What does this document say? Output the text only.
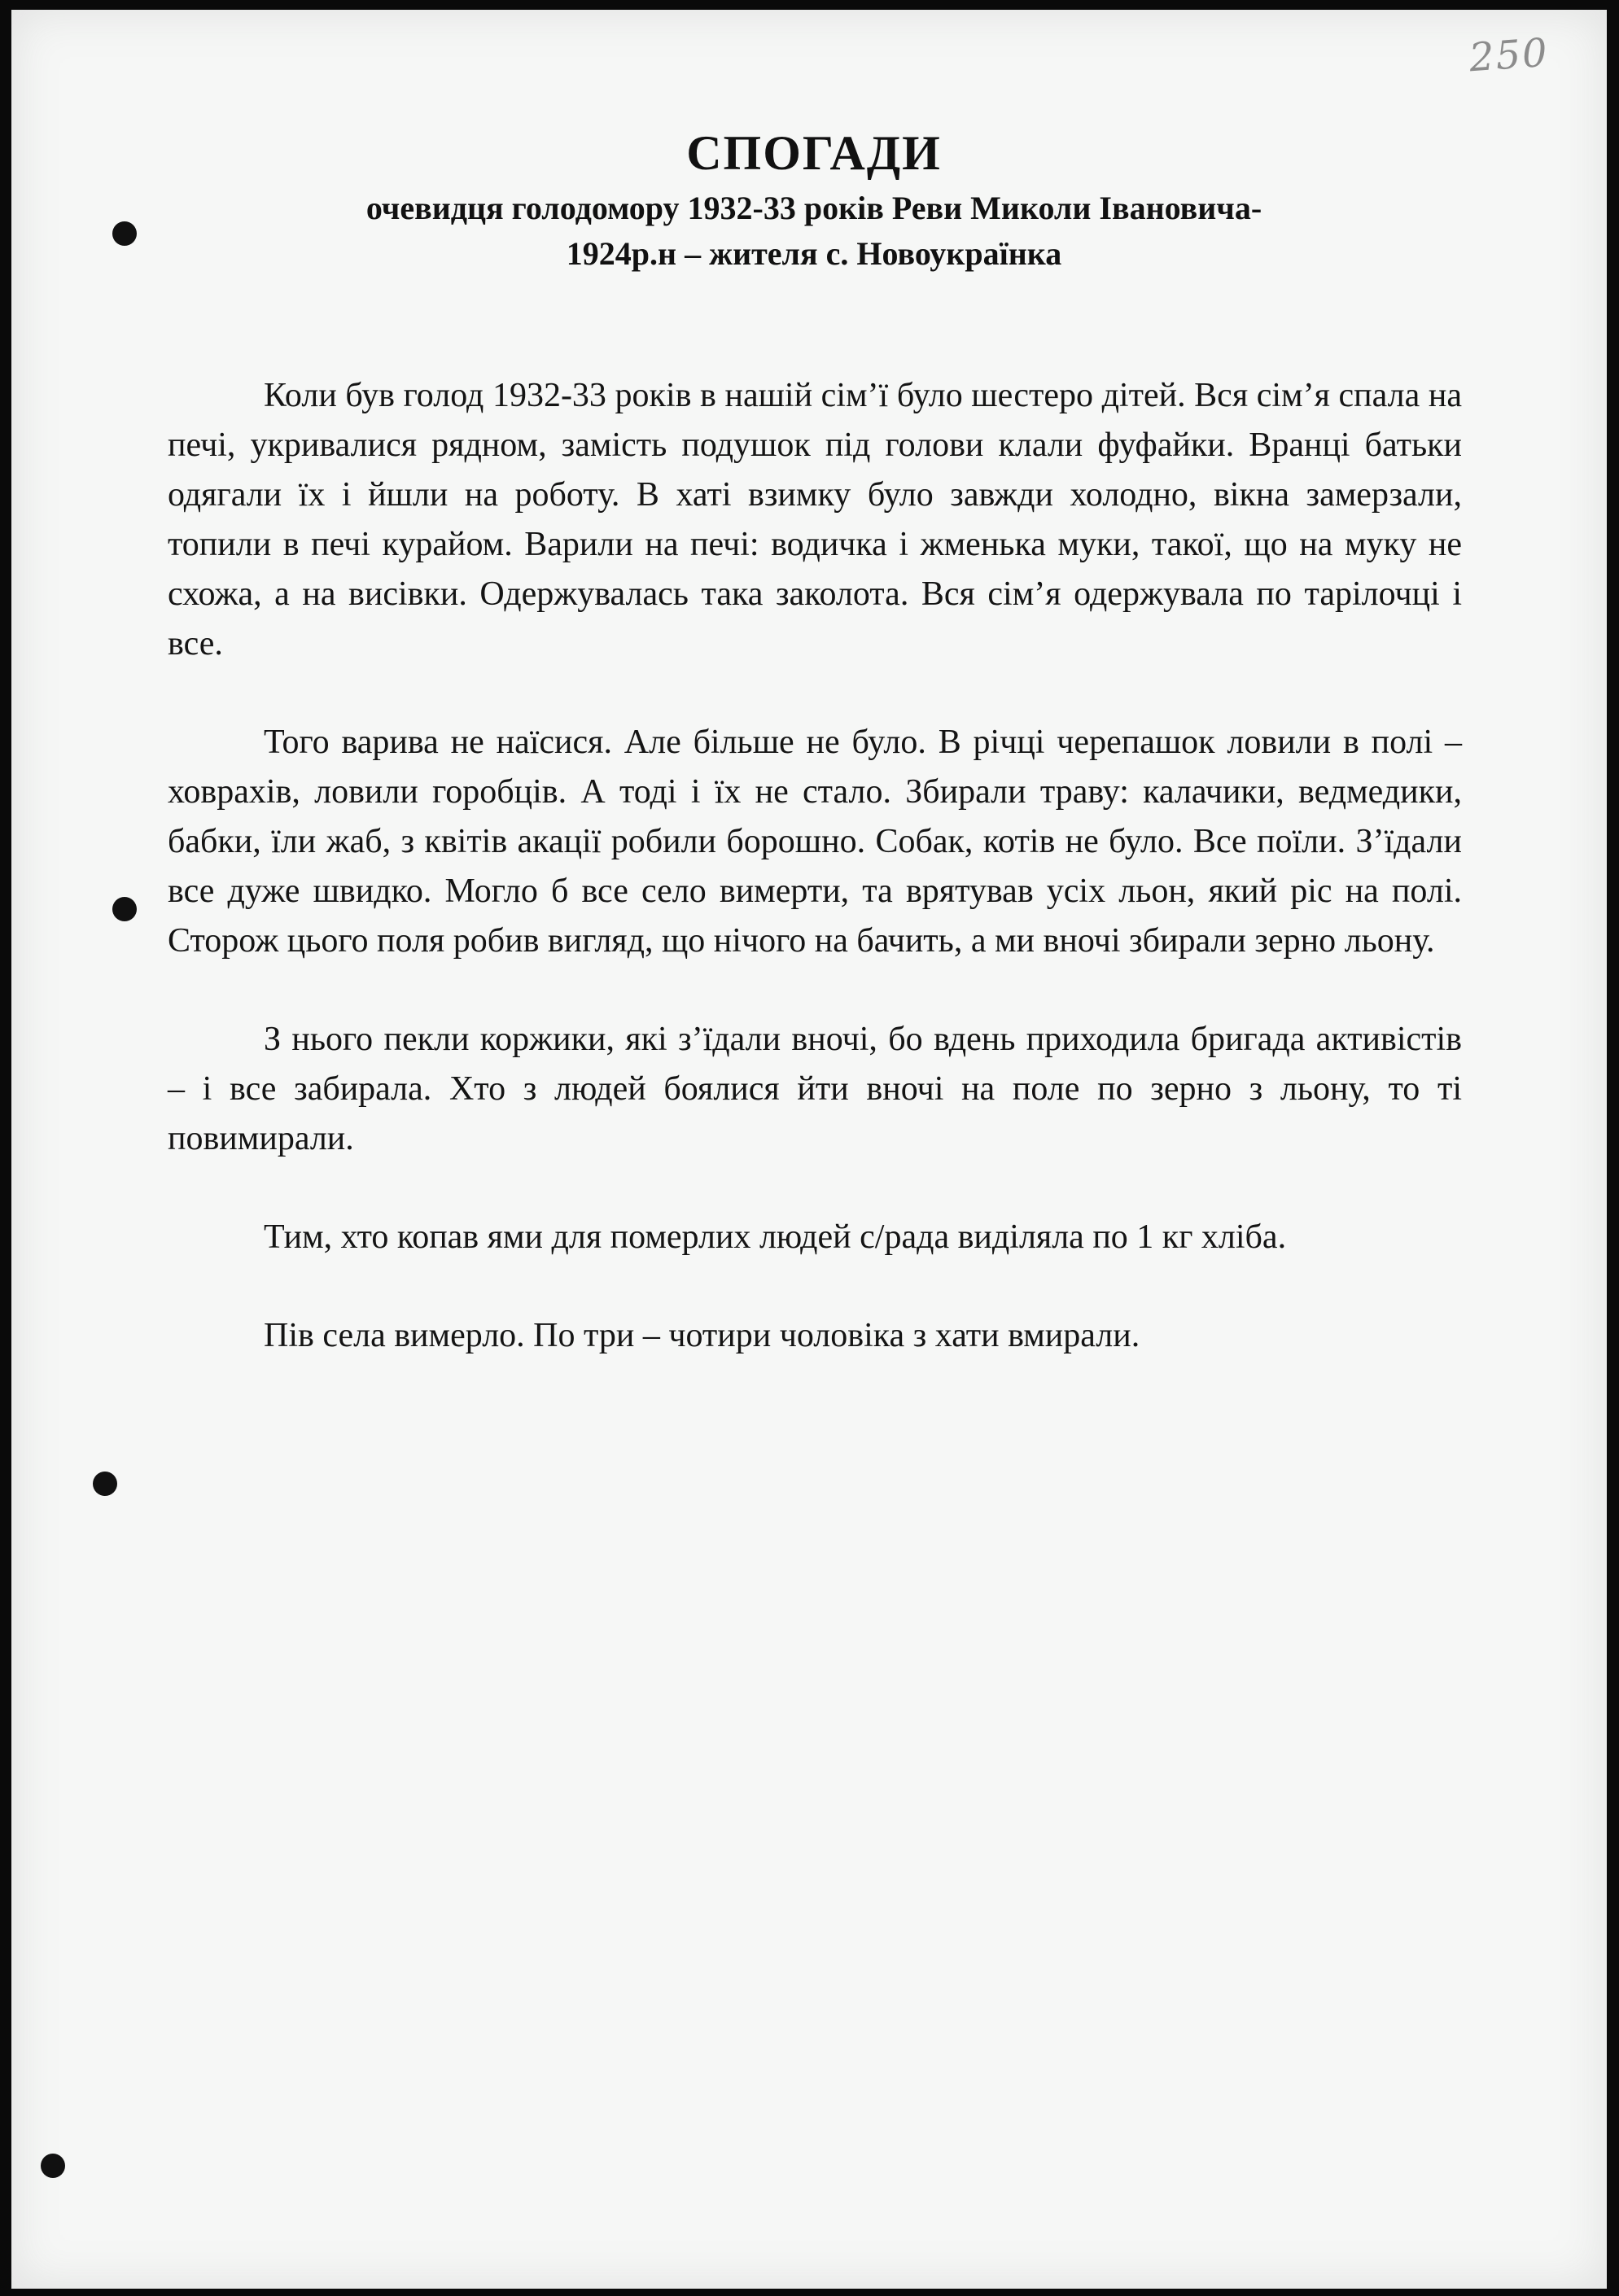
250
СПОГАДИ
очевидця голодомору 1932-33 років Реви Миколи Івановича-
1924р.н – жителя с. Новоукраїнка

Коли був голод 1932-33 років в нашій сім’ї було шестеро дітей. Вся сім’я спала на печі, укривалися рядном, замість подушок під голови клали фуфайки. Вранці батьки одягали їх і йшли на роботу. В хаті взимку було завжди холодно, вікна замерзали, топили в печі курайом. Варили на печі: водичка і жменька муки, такої, що на муку не схожа, а на висівки. Одержувалась така заколота. Вся сім’я одержувала по тарілочці і все.

Того варива не наїсися. Але більше не було. В річці черепашок ловили в полі – ховрахів, ловили горобців. А тоді і їх не стало. Збирали траву: калачики, ведмедики, бабки, їли жаб, з квітів акації робили борошно. Собак, котів не було. Все поїли. З’їдали все дуже швидко. Могло б все село вимерти, та врятував усіх льон, який ріс на полі. Сторож цього поля робив вигляд, що нічого на бачить, а ми вночі збирали зерно льону.

З нього пекли коржики, які з’їдали вночі, бо вдень приходила бригада активістів – і все забирала. Хто з людей боялися йти вночі на поле по зерно з льону, то ті повимирали.

Тим, хто копав ями для померлих людей с/рада виділяла по 1 кг хліба.

Пів села вимерло. По три – чотири чоловіка з хати вмирали.
